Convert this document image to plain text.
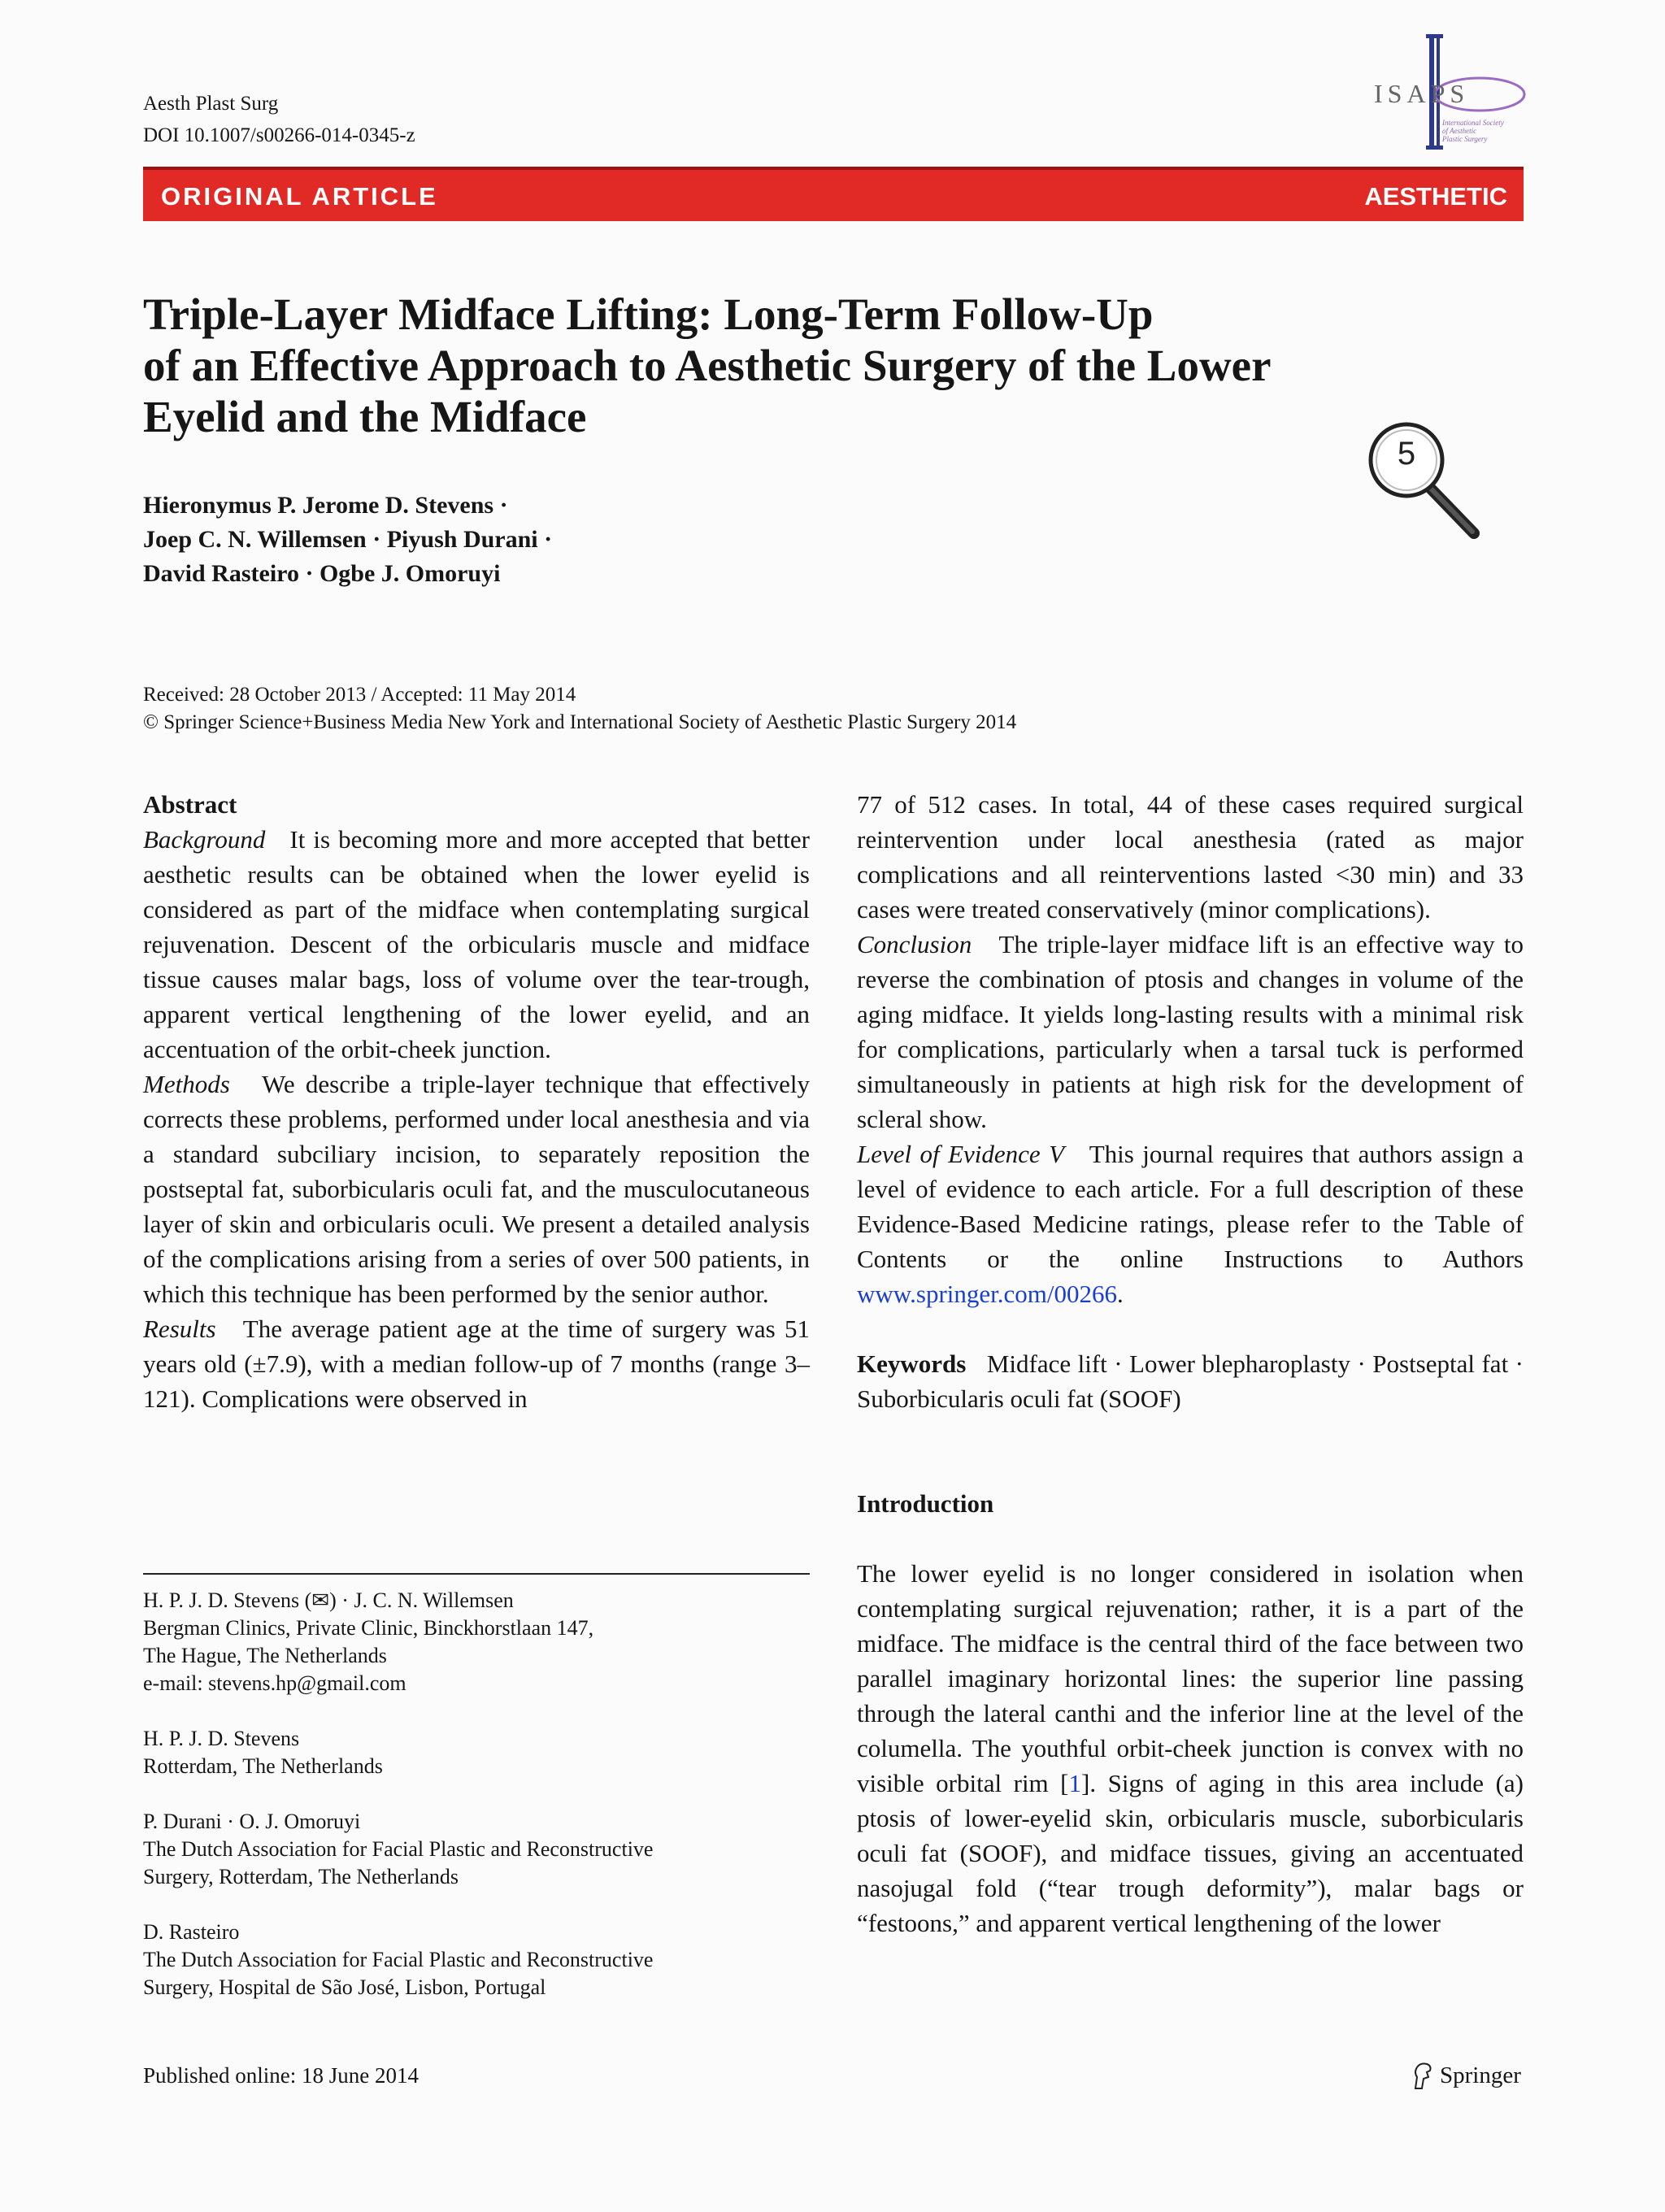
Aesth Plast Surg
DOI 10.1007/s00266-014-0345-z
ISAPS
International Society
of Aesthetic
Plastic Surgery
ORIGINAL ARTICLE	AESTHETIC
Triple-Layer Midface Lifting: Long-Term Follow-Up
of an Effective Approach to Aesthetic Surgery of the Lower
Eyelid and the Midface
5
Hieronymus P. Jerome D. Stevens ·
Joep C. N. Willemsen · Piyush Durani ·
David Rasteiro · Ogbe J. Omoruyi
Received: 28 October 2013 / Accepted: 11 May 2014
© Springer Science+Business Media New York and International Society of Aesthetic Plastic Surgery 2014

Abstract

Background It is becoming more and more accepted that better aesthetic results can be obtained when the lower eyelid is considered as part of the midface when contemplating surgical rejuvenation. Descent of the orbicularis muscle and midface tissue causes malar bags, loss of volume over the tear-trough, apparent vertical lengthening of the lower eyelid, and an accentuation of the orbit-cheek junction.

Methods We describe a triple-layer technique that effectively corrects these problems, performed under local anesthesia and via a standard subciliary incision, to separately reposition the postseptal fat, suborbicularis oculi fat, and the musculocutaneous layer of skin and orbicularis oculi. We present a detailed analysis of the complications arising from a series of over 500 patients, in which this technique has been performed by the senior author.

Results The average patient age at the time of surgery was 51 years old (±7.9), with a median follow-up of 7 months (range 3–121). Complications were observed in

H. P. J. D. Stevens (✉) · J. C. N. Willemsen
Bergman Clinics, Private Clinic, Binckhorstlaan 147,
The Hague, The Netherlands
e-mail: stevens.hp@gmail.com

H. P. J. D. Stevens
Rotterdam, The Netherlands

P. Durani · O. J. Omoruyi
The Dutch Association for Facial Plastic and Reconstructive
Surgery, Rotterdam, The Netherlands

D. Rasteiro
The Dutch Association for Facial Plastic and Reconstructive
Surgery, Hospital de São José, Lisbon, Portugal

77 of 512 cases. In total, 44 of these cases required surgical reintervention under local anesthesia (rated as major complications and all reinterventions lasted <30 min) and 33 cases were treated conservatively (minor complications).

Conclusion The triple-layer midface lift is an effective way to reverse the combination of ptosis and changes in volume of the aging midface. It yields long-lasting results with a minimal risk for complications, particularly when a tarsal tuck is performed simultaneously in patients at high risk for the development of scleral show.

Level of Evidence V This journal requires that authors assign a level of evidence to each article. For a full description of these Evidence-Based Medicine ratings, please refer to the Table of Contents or the online Instructions to Authors www.springer.com/00266.

Keywords Midface lift · Lower blepharoplasty · Postseptal fat · Suborbicularis oculi fat (SOOF)

Introduction

The lower eyelid is no longer considered in isolation when contemplating surgical rejuvenation; rather, it is a part of the midface. The midface is the central third of the face between two parallel imaginary horizontal lines: the superior line passing through the lateral canthi and the inferior line at the level of the columella. The youthful orbit-cheek junction is convex with no visible orbital rim [1]. Signs of aging in this area include (a) ptosis of lower-eyelid skin, orbicularis muscle, suborbicularis oculi fat (SOOF), and midface tissues, giving an accentuated nasojugal fold (“tear trough deformity”), malar bags or “festoons,” and apparent vertical lengthening of the lower

Published online: 18 June 2014	Springer
